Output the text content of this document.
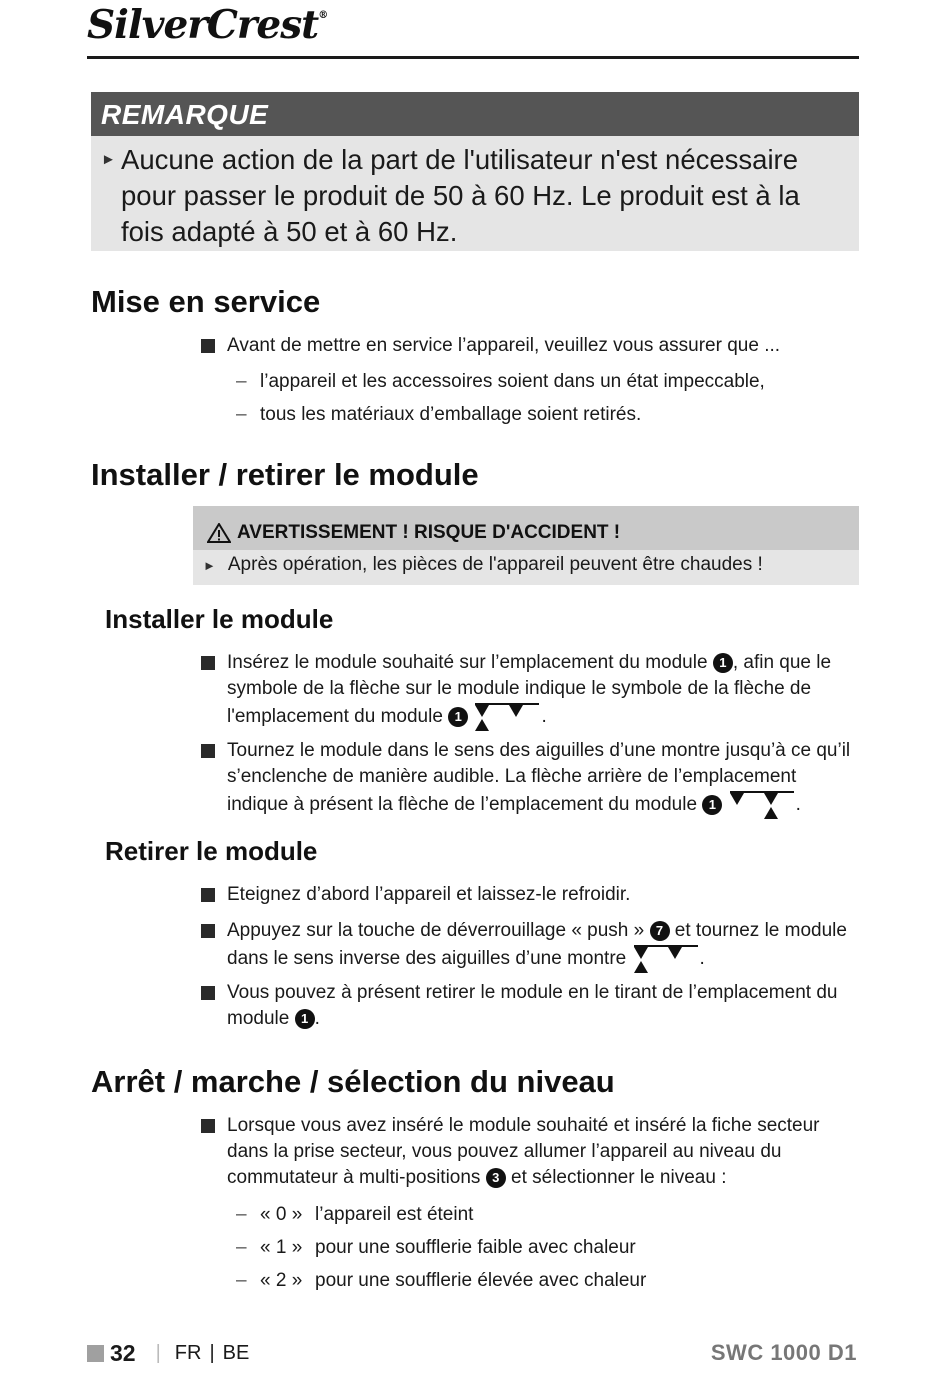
SilverCrest®
REMARQUE
► Aucune action de la part de l'utilisateur n'est nécessaire pour passer le produit de 50 à 60 Hz. Le produit est à la fois adapté à 50 et à 60 Hz.
Mise en service
Avant de mettre en service l’appareil, veuillez vous assurer que ...
– l’appareil et les accessoires soient dans un état impeccable,
– tous les matériaux d’emballage soient retirés.
Installer / retirer le module
AVERTISSEMENT ! RISQUE D'ACCIDENT !
► Après opération, les pièces de l'appareil peuvent être chaudes !
Installer le module
Insérez le module souhaité sur l’emplacement du module 1 , afin que le symbole de la flèche sur le module indique le symbole de la flèche de l'emplacement du module 1	.
Tournez le module dans le sens des aiguilles d’une montre jusqu’à ce qu’il s’enclenche de manière audible. La flèche arrière de l’emplacement indique à présent la flèche de l’emplacement du module 1	.
Retirer le module
Eteignez d’abord l’appareil et laissez-le refroidir.
Appuyez sur la touche de déverrouillage « push » 7 et tournez le module dans le sens inverse des aiguilles d’une montre	.
Vous pouvez à présent retirer le module en le tirant de l’emplacement du module 1 .
Arrêt / marche / sélection du niveau
Lorsque vous avez inséré le module souhaité et inséré la fiche secteur dans la prise secteur, vous pouvez allumer l’appareil au niveau du commutateur à multi-positions 3 et sélectionner le niveau :
– « 0 » l’appareil est éteint
– « 1 » pour une soufflerie faible avec chaleur
– « 2 » pour une soufflerie élevée avec chaleur
32 | FR | BE	SWC 1000 D1
